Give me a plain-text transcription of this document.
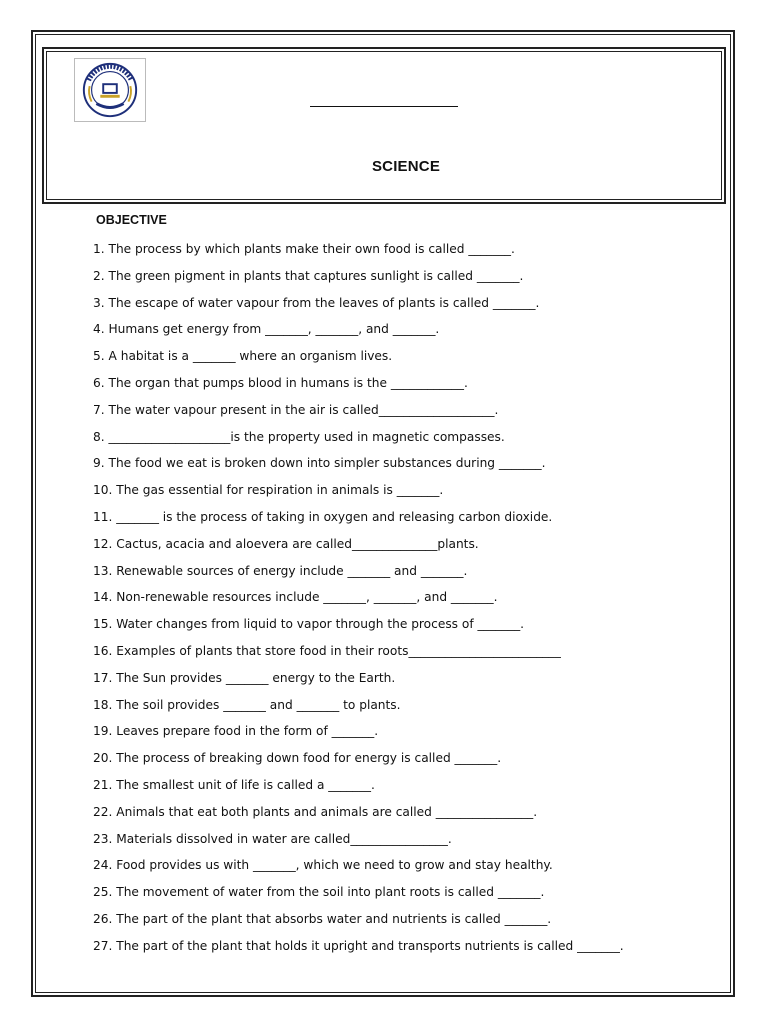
SCIENCE
OBJECTIVE
1. The process by which plants make their own food is called _______.
2. The green pigment in plants that captures sunlight is called _______.
3. The escape of water vapour from the leaves of plants is called _______.
4. Humans get energy from _______, _______, and _______.
5. A habitat is a _______ where an organism lives.
6. The organ that pumps blood in humans is the ____________.
7. The water vapour present in the air is called___________________.
8. ____________________is the property used in magnetic compasses.
9. The food we eat is broken down into simpler substances during _______.
10. The gas essential for respiration in animals is _______.
11. _______ is the process of taking in oxygen and releasing carbon dioxide.
12. Cactus, acacia and aloevera are called______________plants.
13. Renewable sources of energy include _______ and _______.
14. Non-renewable resources include _______, _______, and _______.
15. Water changes from liquid to vapor through the process of _______.
16. Examples of plants that store food in their roots_________________________
17. The Sun provides _______ energy to the Earth.
18. The soil provides _______ and _______ to plants.
19. Leaves prepare food in the form of _______.
20. The process of breaking down food for energy is called _______.
21. The smallest unit of life is called a _______.
22. Animals that eat both plants and animals are called ________________.
23. Materials dissolved in water are called________________.
24. Food provides us with _______, which we need to grow and stay healthy.
25. The movement of water from the soil into plant roots is called _______.
26. The part of the plant that absorbs water and nutrients is called _______.
27. The part of the plant that holds it upright and transports nutrients is called _______.
